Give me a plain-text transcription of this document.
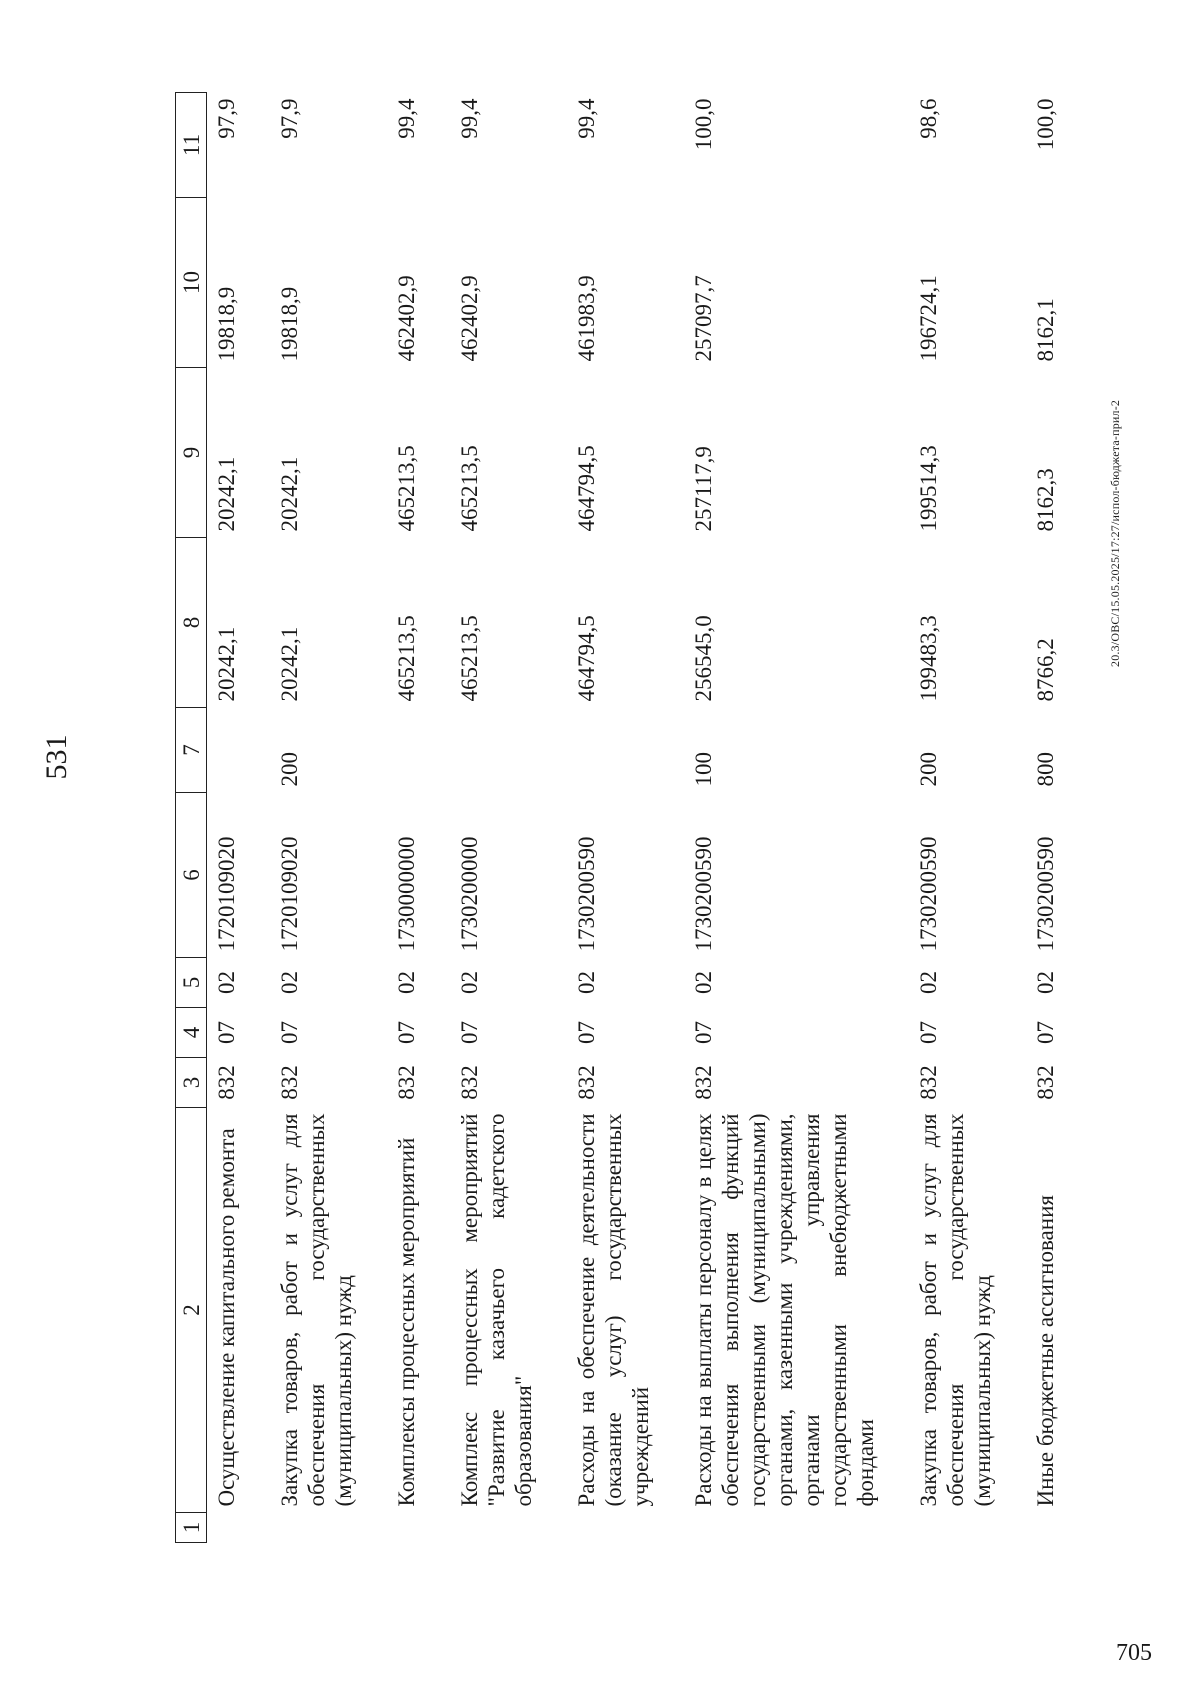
531
1	2	3	4	5	6	7	8	9	10	11
	Осуществление капитального ремонта	832	07	02	1720109020		20242,1	20242,1	19818,9	97,9
	Закупка товаров, работ и услуг для обеспечения государственных (муниципальных) нужд	832	07	02	1720109020	200	20242,1	20242,1	19818,9	97,9
	Комплексы процессных мероприятий	832	07	02	1730000000		465213,5	465213,5	462402,9	99,4
	Комплекс процессных мероприятий "Развитие казачьего кадетского образования"	832	07	02	1730200000		465213,5	465213,5	462402,9	99,4
	Расходы на обеспечение деятельности (оказание услуг) государственных учреждений	832	07	02	1730200590		464794,5	464794,5	461983,9	99,4
	Расходы на выплаты персоналу в целях обеспечения выполнения функций государственными (муниципальными) органами, казенными учреждениями, органами управления государственными внебюджетными фондами	832	07	02	1730200590	100	256545,0	257117,9	257097,7	100,0
	Закупка товаров, работ и услуг для обеспечения государственных (муниципальных) нужд	832	07	02	1730200590	200	199483,3	199514,3	196724,1	98,6
	Иные бюджетные ассигнования	832	07	02	1730200590	800	8766,2	8162,3	8162,1	100,0
20.3/ОВС/15.05.2025/17:27/испол-бюджета-прил-2
705
